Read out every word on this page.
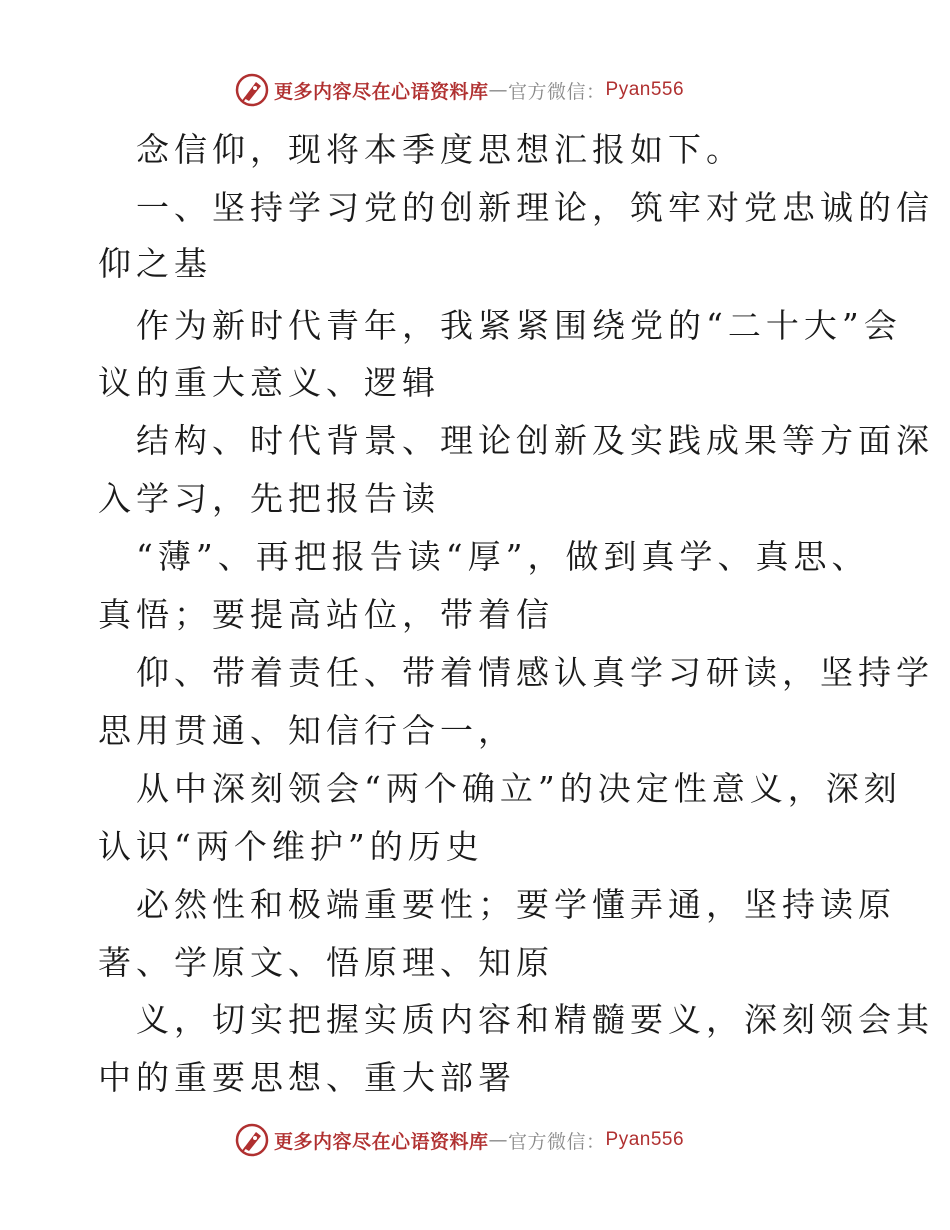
更多内容尽在心语资料库 — 官方微信： Pyan556
念信仰，现将本季度思想汇报如下。
一、坚持学习党的创新理论，筑牢对党忠诚的信
仰之基
作为新时代青年，我紧紧围绕党的“二十大”会
议的重大意义、逻辑
结构、时代背景、理论创新及实践成果等方面深
入学习，先把报告读
“薄”、再把报告读“厚”，做到真学、真思、
真悟；要提高站位，带着信
仰、带着责任、带着情感认真学习研读，坚持学
思用贯通、知信行合一，
从中深刻领会“两个确立”的决定性意义，深刻
认识“两个维护”的历史
必然性和极端重要性；要学懂弄通，坚持读原
著、学原文、悟原理、知原
义，切实把握实质内容和精髓要义，深刻领会其
中的重要思想、重大部署
更多内容尽在心语资料库 — 官方微信： Pyan556
